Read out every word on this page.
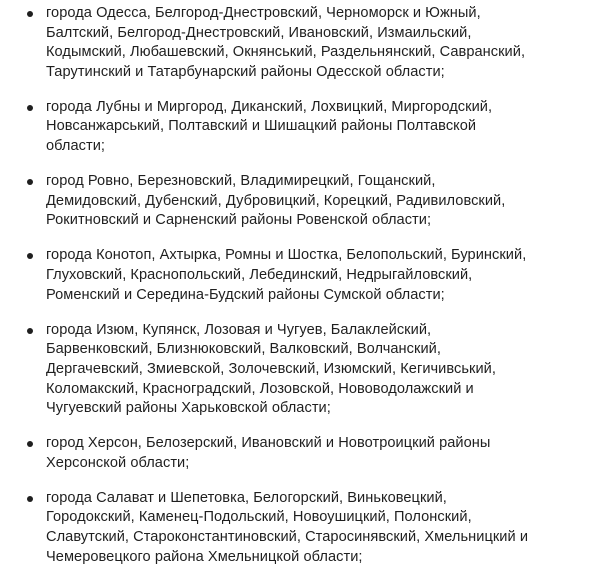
города Одесса, Белгород-Днестровский, Черноморск и Южный, Балтский, Белгород-Днестровский, Ивановский, Измаильский, Кодымский, Любашевский, Окнянський, Раздельнянский, Савранский, Тарутинский и Татарбунарский районы Одесской области;
города Лубны и Миргород, Диканский, Лохвицкий, Миргородский, Новсанжарський, Полтавский и Шишацкий районы Полтавской области;
город Ровно, Березновский, Владимирецкий, Гощанский, Демидовский, Дубенский, Дубровицкий, Корецкий, Радивиловский, Рокитновский и Сарненский районы Ровенской области;
города Конотоп, Ахтырка, Ромны и Шостка, Белопольский, Буринский, Глуховский, Краснопольский, Лебединский, Недрыгайловский, Роменский и Середина-Будский районы Сумской области;
города Изюм, Купянск, Лозовая и Чугуев, Балаклейский, Барвенковский, Близнюковский, Валковский, Волчанский, Дергачевский, Змиевской, Золочевский, Изюмский, Кегичивський, Коломакский, Красноградский, Лозовской, Нововодолажский и Чугуевский районы Харьковской области;
город Херсон, Белозерский, Ивановский и Новотроицкий районы Херсонской области;
города Салават и Шепетовка, Белогорский, Виньковецкий, Городокский, Каменец-Подольский, Новоушицкий, Полонский, Славутский, Староконстантиновский, Старосинявский, Хмельницкий и Чемеровецкого района Хмельницкой области;
